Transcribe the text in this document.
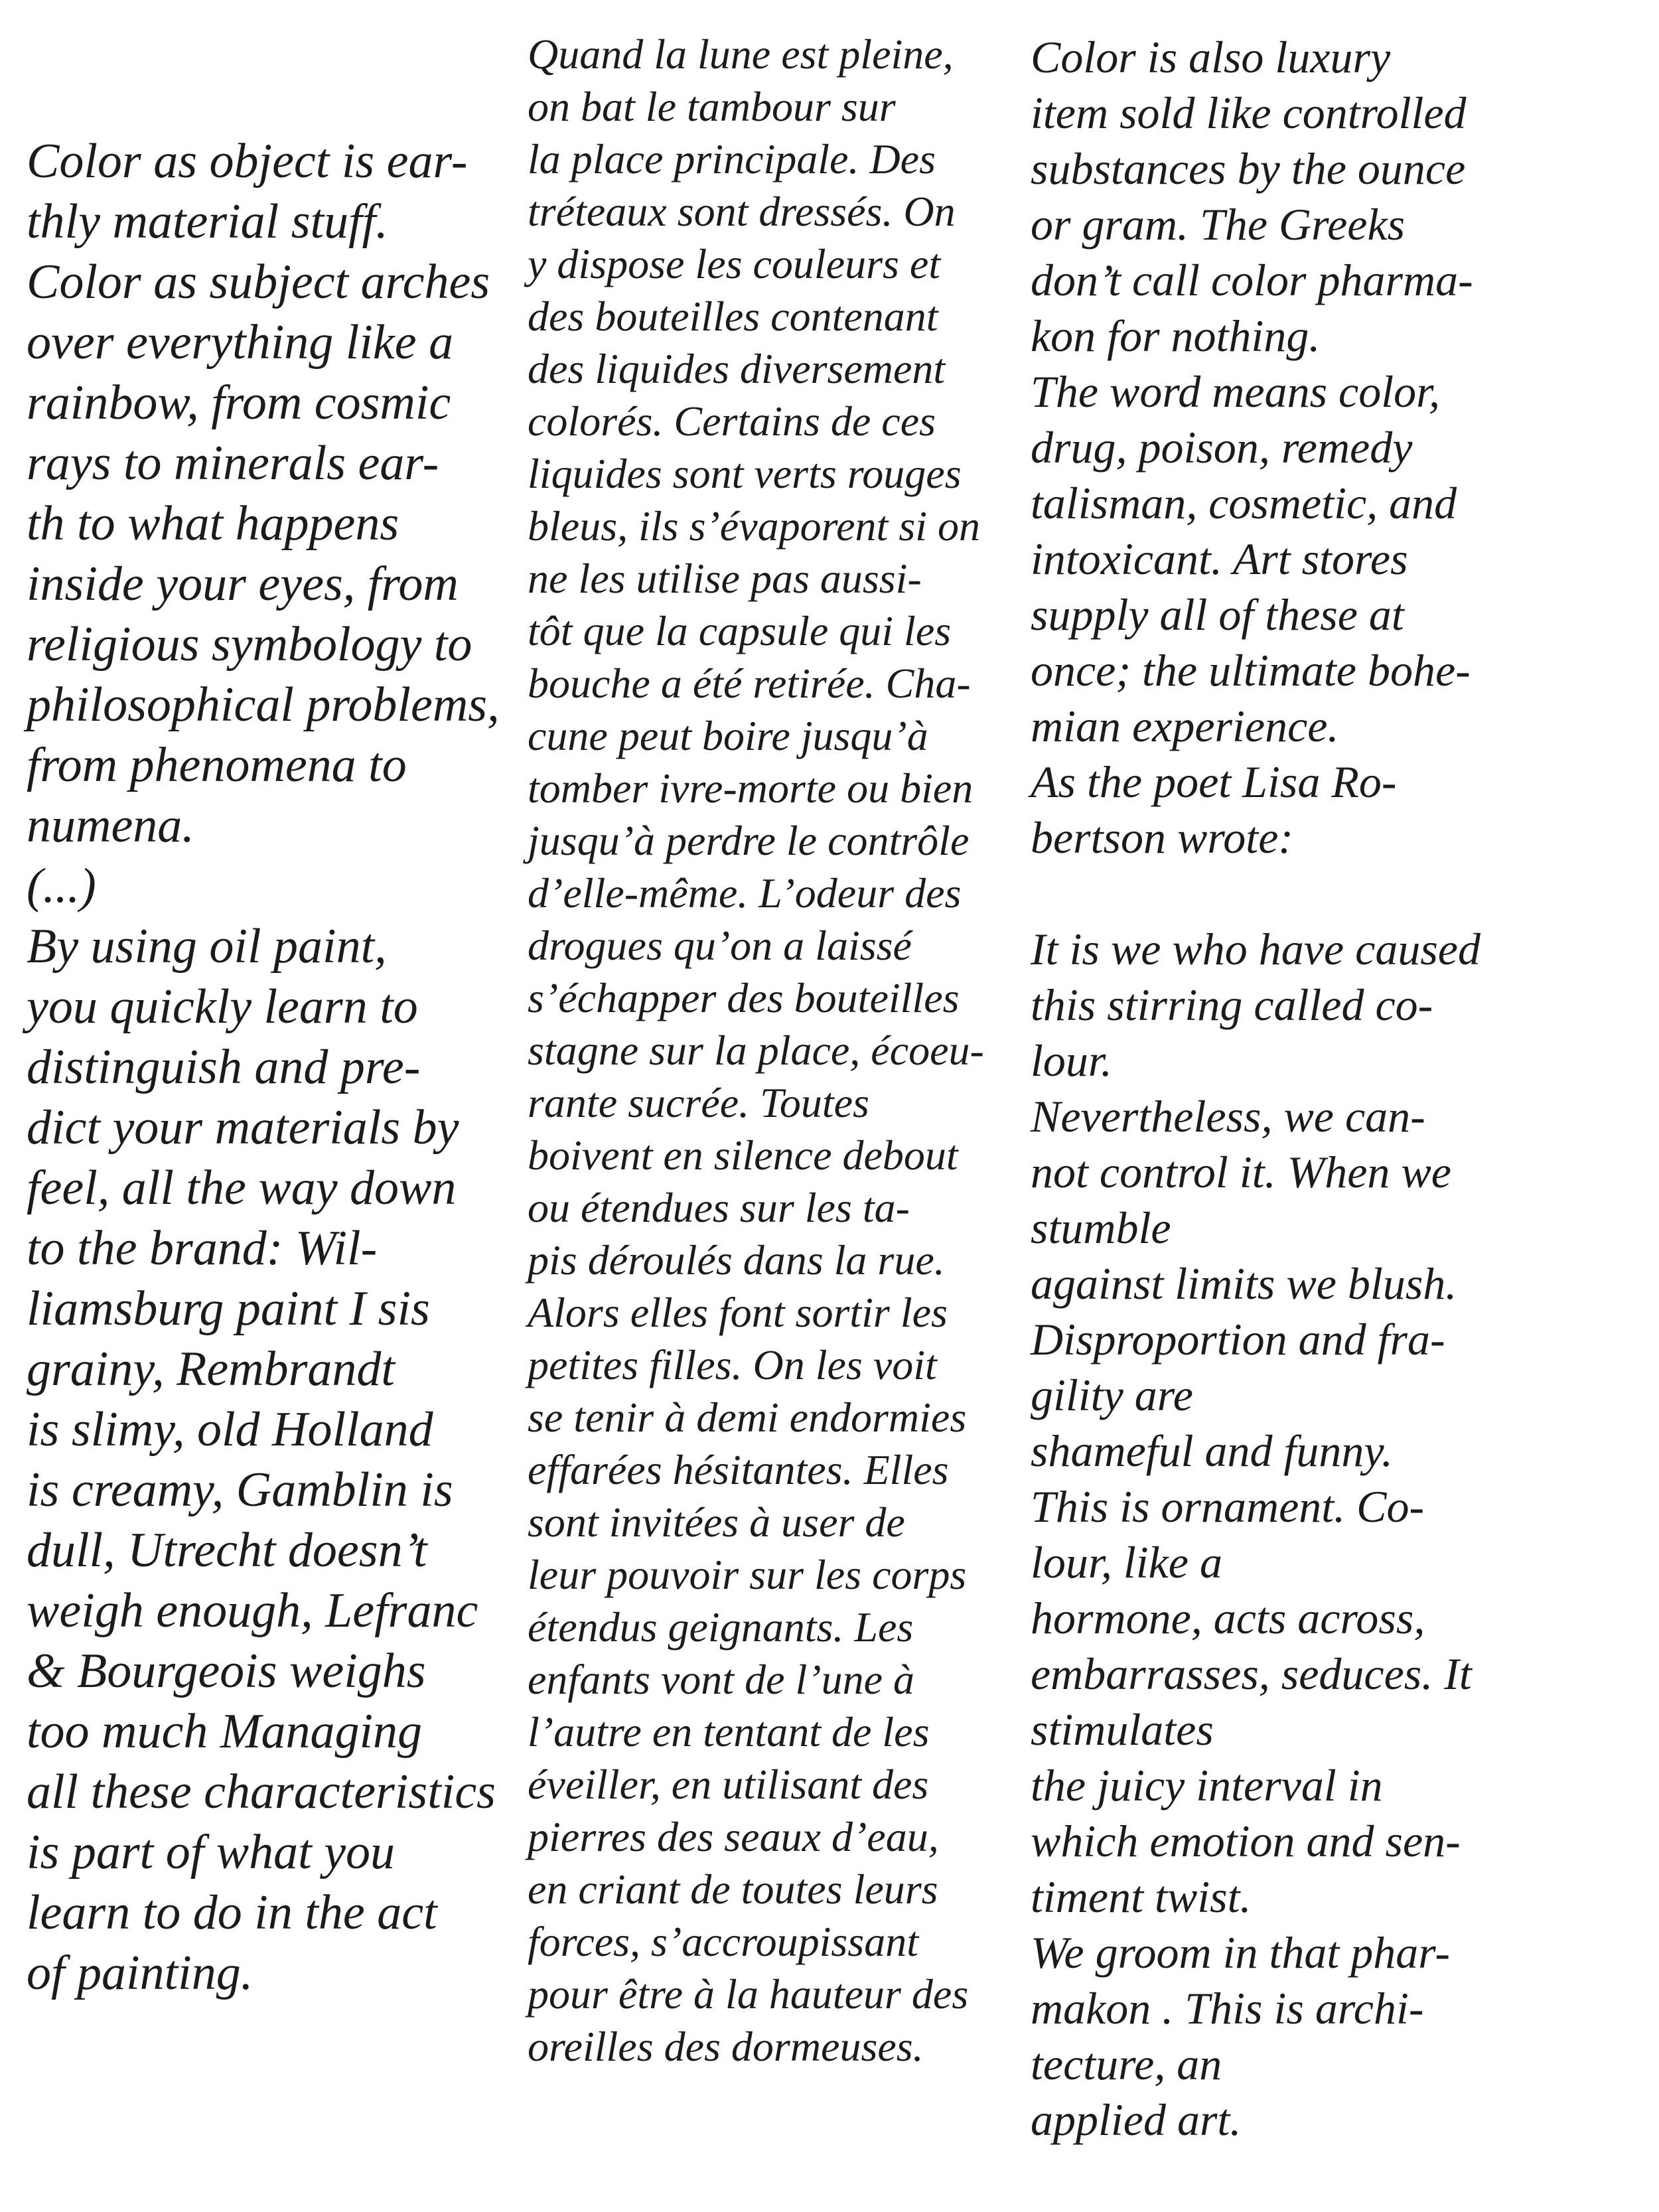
Color as object is ear-
thly material stuff.
Color as subject arches
over everything like a
rainbow, from cosmic
rays to minerals ear-
th to what happens
inside your eyes, from
religious symbology to
philosophical problems,
from phenomena to
numena.
(...)
By using oil paint,
you quickly learn to
distinguish and pre-
dict your materials by
feel, all the way down
to the brand: Wil-
liamsburg paint I sis
grainy, Rembrandt
is slimy, old Holland
is creamy, Gamblin is
dull, Utrecht doesn’t
weigh enough, Lefranc
& Bourgeois weighs
too much Managing
all these characteristics
is part of what you
learn to do in the act
of painting.
Quand la lune est pleine,
on bat le tambour sur
la place principale. Des
tréteaux sont dressés. On
y dispose les couleurs et
des bouteilles contenant
des liquides diversement
colorés. Certains de ces
liquides sont verts rouges
bleus, ils s’évaporent si on
ne les utilise pas aussi-
tôt que la capsule qui les
bouche a été retirée. Cha-
cune peut boire jusqu’à
tomber ivre-morte ou bien
jusqu’à perdre le contrôle
d’elle-même. L’odeur des
drogues qu’on a laissé
s’échapper des bouteilles
stagne sur la place, écoeu-
rante sucrée. Toutes
boivent en silence debout
ou étendues sur les ta-
pis déroulés dans la rue.
Alors elles font sortir les
petites filles. On les voit
se tenir à demi endormies
effarées hésitantes. Elles
sont invitées à user de
leur pouvoir sur les corps
étendus geignants. Les
enfants vont de l’une à
l’autre en tentant de les
éveiller, en utilisant des
pierres des seaux d’eau,
en criant de toutes leurs
forces, s’accroupissant
pour être à la hauteur des
oreilles des dormeuses.
Color is also luxury
item sold like controlled
substances by the ounce
or gram. The Greeks
don’t call color pharma-
kon for nothing.
The word means color,
drug, poison, remedy
talisman, cosmetic, and
intoxicant. Art stores
supply all of these at
once; the ultimate bohe-
mian experience.
As the poet Lisa Ro-
bertson wrote:
It is we who have caused
this stirring called co-
lour.
Nevertheless, we can-
not control it. When we
stumble
against limits we blush.
Disproportion and fra-
gility are
shameful and funny.
This is ornament. Co-
lour, like a
hormone, acts across,
embarrasses, seduces. It
stimulates
the juicy interval in
which emotion and sen-
timent twist.
We groom in that phar-
makon . This is archi-
tecture, an
applied art.
